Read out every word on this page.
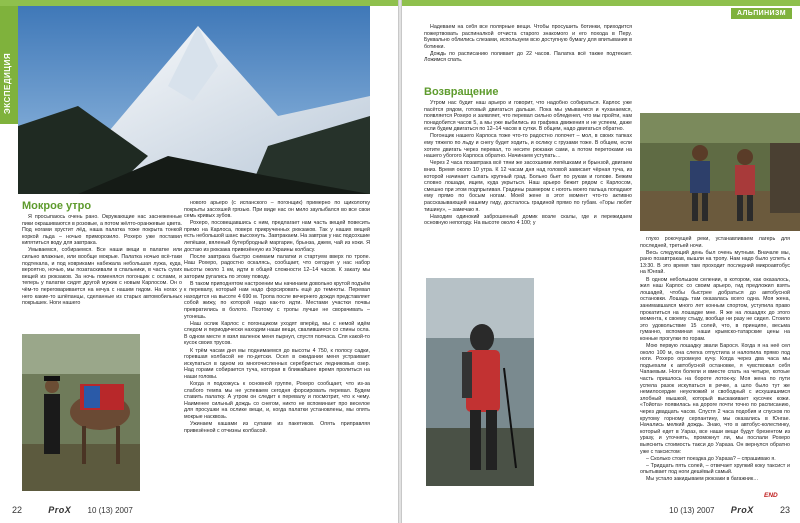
ЭКСПЕДИЦИЯ
Мокрое утро

Я просыпаюсь очень рано. Окружающие нас заснеженные пики окрашиваются в розовые, а потом жёлто-оранжевые цвета. Под ногами хрустит лёд, наша палатка тоже покрыта тонкой коркой льда – ночью приморозило. Рохеро уже поставил кипятиться воду для завтрака.

Умываемся, собираемся. Все наши вещи в палатке или сильно влажные, или вообще мокрые. Палатка ночью всё-таки подтекала, и под коврикамн набежала небольшая лужа, куда, вероятно, ночью, мы позатаскивали в спальники, в часть сухих вещей из рюкзаков. За ночь поменялся погонщик с ослами, и теперь у палатки сидят другой мужик с новым Карлосом. Он о чём-то переговаривается на кечуа с нашим гидом. На ногах у него какие-то шлёпанцы, сделанные из старых автомобильных покрышек. Ноги нашего

нового арьеро (с испанского – погонщик) примерно по щиколотку покрыты засохшей грязью. При виде нас он мило заулыбался во все свои семь кривых зубов.

Рохеро, посовещавшись с ним, предлагает нам часть вещей повесить прямо на Карлоса, поверх прикрученных рюкзаков. Так у наших вещей есть небольшой шанс высохнуть. Завтракаем. На завтрак у нас подсохшие лепёшки, вяленый бутербродный маргарин, брынза, джем, чай из коки. Я достаю из рюкзака привезённую из Украины колбасу.

После завтрака быстро снимаем палатки и стартуем вверх по тропе. Наш Рохеро, радостно оскалясь, сообщает, что сегодня у нас набор высоты около 1 км, идти в общей сложности 12–14 часов. К закату мы заторим ругались по этому поводу.

В таком приподнятом настроении мы начинаем довольно крутой подъём к перевалу, который нам надо форсировать ещё до темноты. Перевал находится на высоте 4 690 м. Тропа после вечернего дождя представляет собой жижу, по которой надо как-то идти. Местами участки почвы превратились в болото. Поэтому с тропы лучше не сворачивать – утонешь.

Наш ослик Карлос с погонщиком уходят вперёд, мы с немой идём следом и периодически находим наши вещи, свалившиеся со спины осла. В одном месте я взял валенок меня пырнул, спустя полчаса. Спя какой-то кусок своих трусов.

К трём часам дня мы поднимаемся до высоты 4 750, к полосу садки, горевшая колбасой не по-детски. Осел в ожидании меня устраивает искупаться в одном из многочисленных серебристых ледниковых озер. Над горами собирается туча, которая в ближайшее время пролиться на наши головы.

Когда я подхожусь к основной группе, Рохеро сообщает, что из-за слабого темпа мы не успеваем сегодня форсировать перевал. Будем ставить палатку. А утром он следит к перевалу и посмотрит, что к чему. Наименее сильный дождь со снегом, никто не вспоминает про веселое для просушки на ослике вещи, и, когда палатки установлены, мы опять мокрые насквозь.

Ужинаем кашами из супами из пакетиков. Опять приправляя привезённой с отчизны колбасой.

22	ProX 10 (13) 2007
АЛЬПИНИЗМ

Надеваем на себя все полярные вещи. Чтобы просушить ботинки, приходится пожертвовать распиналкой отчиста старого знакомого и его похода в Перу. Буквально облились слезами, используем всю доступную бумагу для впитывания в ботинки.

Дождь по расписанию поливает до 22 часов. Палатка всё также подтекает. Ложимся спать.

Возвращение

Утром нас будит наш арьеро и говорит, что надобно собираться. Карлос уже пасётся рядом, готовый двигаться дальше. Пока мы умываемся и чуханаемся, появляется Рохеро и заявляет, что перевал сильно обледенел, что мы пройти, нам понадобится часов 5, а мы уже выбились из графика движения и не успеем, даже если будем двигаться по 12–14 часов в сутки. В общем, надо двигаться обратно.

Погонщик нашего Карлоса тоже что-то радостно лопочет – мол, в своих тапках ему тяжело по льду и снегу будет ходить, и ослику с грузами тоже. В общем, если хотите двигать через перевал, то несите рюкзаки сами, а потом перетоками на нашего убогого Карлоса обратно. Начинаем уступать…

Через 2 часа позавтрака всё тяни же засохшими лепёшками и брынзой, двигаем вниз. Время около 10 утра. К 12 часам дня над головой зависает чёрная туча, из которой начинает сыпать крупный град. Больно бьет по рукам и голове. Бежим словно лошади, ищем, куда укрыться. Наш арьеро бежит рядом с Карлосом, смешно при этом подпрыгивая. Градины размером с ноготь моего пальца попадают ему прямо по босым ногам. Моей жене в этот момент что-то активно рассказывающей нашему гиду, досталось градиной прямо по губам. «Горы любят тишину», – замечаю я.

Находим одинокий заброшенный домик возле скалы, где и пережидаем основную непогоду. На высоте около 4 100; у

глухо рокочущей реки, устанавливаем лагерь для последней, третьей ночи.

Весь следующий день был очень мутным. Вначале мы, рано позавтракав, вышли на тропу. Нам надо было успеть к 13:30. В это время там проходит последний микроавтобус на Юнгай.

В одном небольшом селении, в котором, как оказалось, жил наш Карлос со своим арьеро, гид предложил взять лошадей, чтобы быстрее добраться до автобусной остановки. Лошадь там оказалась всего одна. Моя жена, занимавшаяся много лет конным спортом, уступила право прокатиться на лошадке мне. Я же на лошадях до этого момента, к своему стыду, вообще ни разу не сидел. Стоило это удовольствие 15 солей, что, в принципе, весьма гуманно, вспоминая наши крымско-татарские цены на конные прогулки по горам.

Мою первую лошадку звали Барося. Когда я на неё сел около 100 м, она слегка отпустила и налопила прямо под ноги. Рохеро огромную кучу. Когда через два часа мы подъехали к автобусной остановке, я чувствовал себя Чапаевым. Ноги болели и вместе спать на четыре, котоые часть пришлось на бороте лоток-ку. Моя жена по пути успела разок искупаться в речке, а шло было тут же немилосердие неуклюжий и свободный с исхушишимся злобный мышкой, который выскакивает кусочек кожи. «Тойота» появилась на дороге почти точно по расписанию, через двадцать часов. Спустя 2 часа подобия и спусков по крутому горному серпантину, мы оказались в Юнгае. Начались мелкий дождь. Знаю, что в автобус-колестинку, который едет в Уараз, все наши вещи будут брезентом из уразу, и уточнять, промокнут ли, мы послали Рохеро выяснить стоимость такси до Уараза. Он вернулся обратно уже с таксистом:

– Сколько стоит поездка до Уараза? – спрашиваю я.

– Тридцать пять солей, – отвечает хрупкий коку таксист и опытывает под ноги дешёвый самый.

Мы устало закидываем рюкзаки в багажник…

END
10 (13) 2007 ProX	23
